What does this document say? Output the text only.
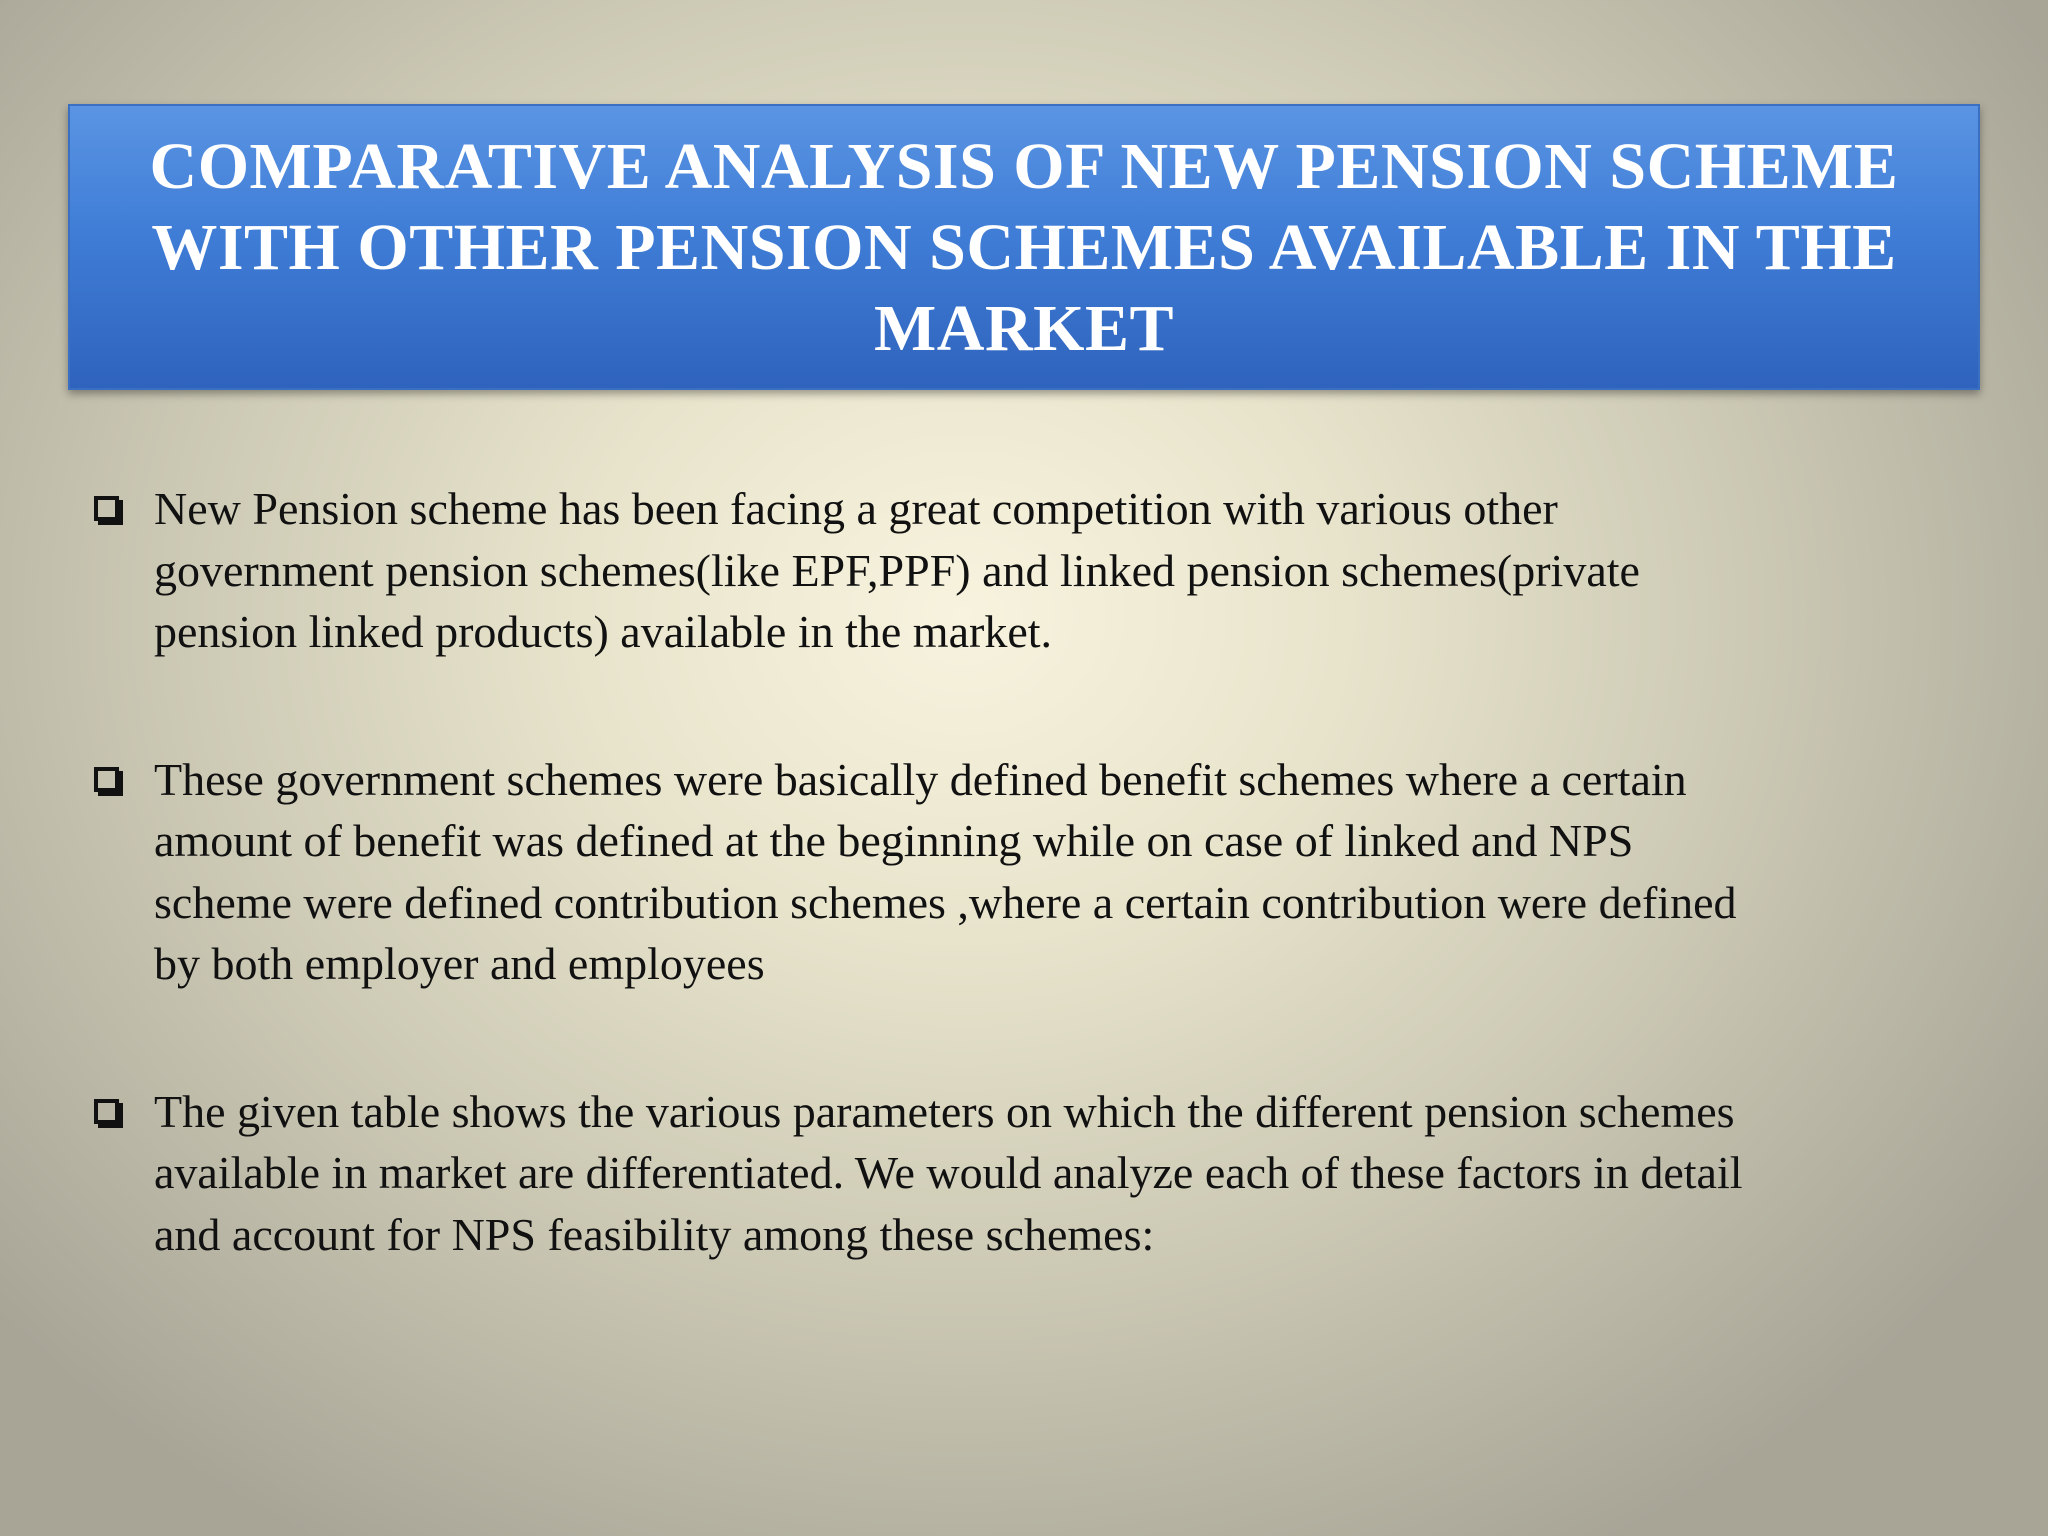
COMPARATIVE ANALYSIS OF NEW PENSION SCHEME
WITH OTHER PENSION SCHEMES AVAILABLE IN THE
MARKET
New Pension scheme has been facing a great competition with various other
government pension schemes(like EPF,PPF) and linked pension schemes(private
pension linked products) available in the market.
These government schemes were basically defined benefit schemes where a certain
amount of benefit was defined at the beginning while on case of linked and NPS
scheme were defined contribution schemes ,where a certain contribution were defined
by both employer and employees
The given table shows the various parameters on which the different pension schemes
available in market are differentiated. We would analyze each of these factors in detail
and account for NPS feasibility among these schemes:
